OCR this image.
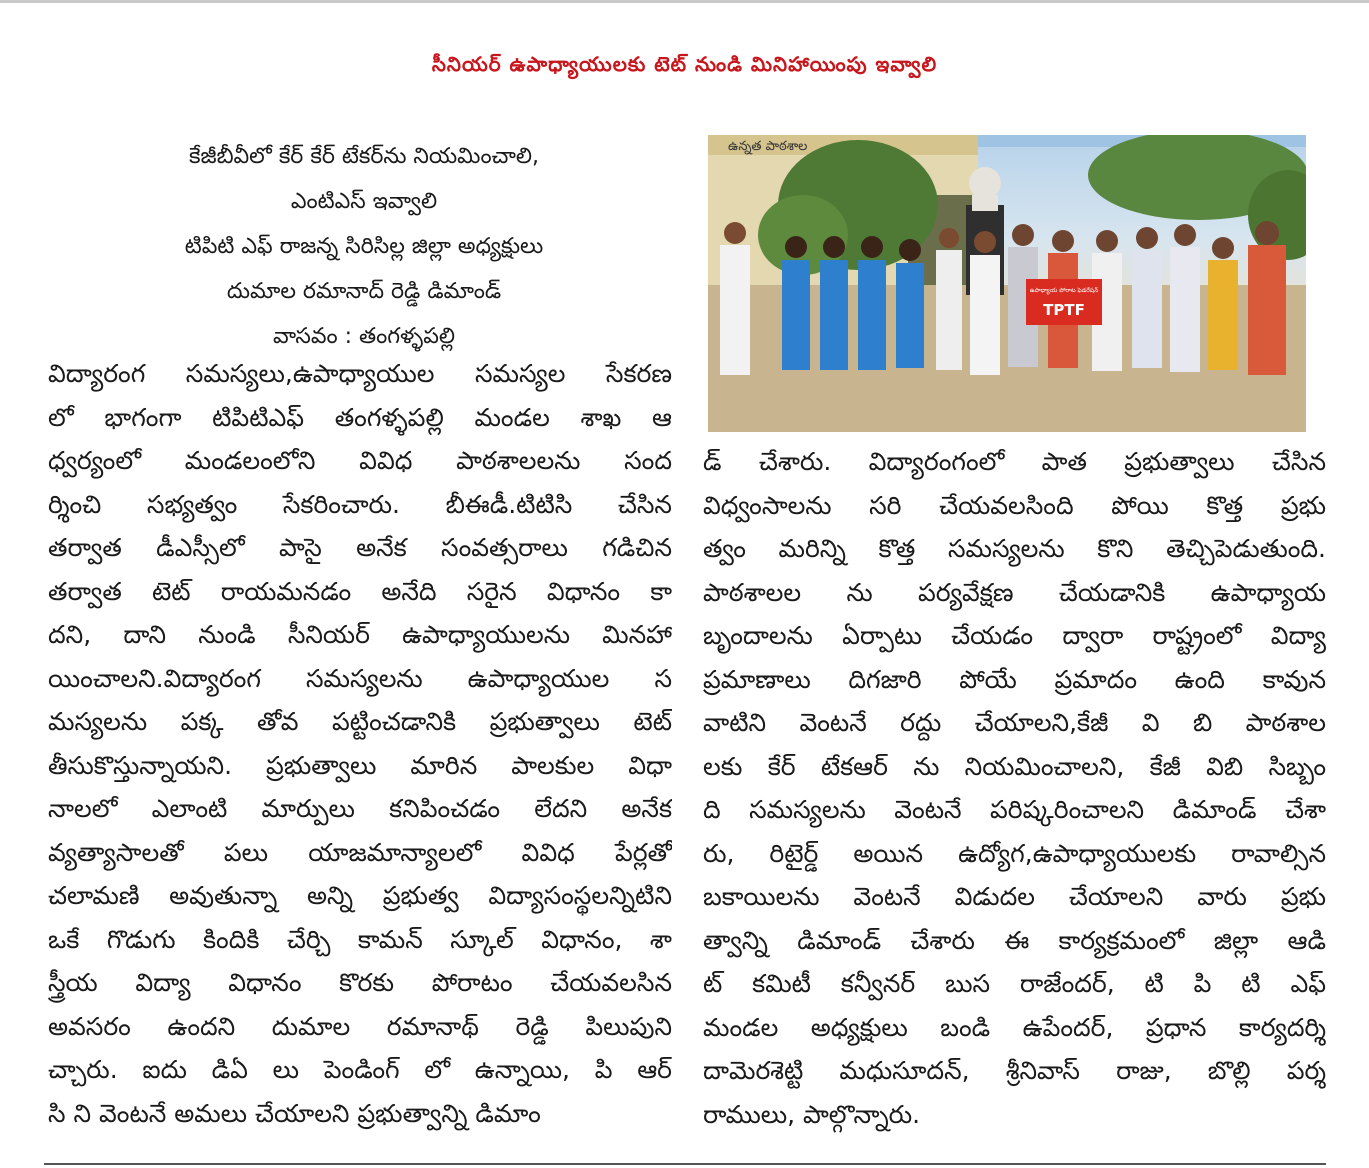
సీనియర్ ఉపాధ్యాయులకు టెట్ నుండి మినిహాయింపు ఇవ్వాలి
కేజీబీవీలో కేర్ కేర్ టేకర్‌ను నియమించాలి,
ఎంటిఎస్ ఇవ్వాలి
టిపిటి ఎఫ్ రాజన్న సిరిసిల్ల జిల్లా అధ్యక్షులు
దుమాల రమానాద్ రెడ్డి డిమాండ్
వాసవం : తంగళ్ళపల్లి
ఉన్నత పాఠశాల
ఉపాధ్యాయ పోరాట ఫెడరేషన్
TPTF
విద్యారంగ సమస్యలు,ఉపాధ్యాయుల సమస్యల సేకరణ
లో భాగంగా టిపిటిఎఫ్ తంగళ్ళపల్లి మండల శాఖ ఆ
ధ్వర్యంలో మండలంలోని వివిధ పాఠశాలలను సంద
ర్శించి సభ్యత్వం సేకరించారు. బీఈడీ.టిటిసి చేసిన
తర్వాత డీఎస్సీలో పాసై అనేక సంవత్సరాలు గడిచిన
తర్వాత టెట్ రాయమనడం అనేది సరైన విధానం కా
దని, దాని నుండి సీనియర్ ఉపాధ్యాయులను మినహా
యించాలని.విద్యారంగ సమస్యలను ఉపాధ్యాయుల స
మస్యలను పక్క తోవ పట్టించడానికి ప్రభుత్వాలు టెట్
తీసుకొస్తున్నాయని. ప్రభుత్వాలు మారిన పాలకుల విధా
నాలలో ఎలాంటి మార్పులు కనిపించడం లేదని అనేక
వ్యత్యాసాలతో పలు యాజమాన్యాలలో వివిధ పేర్లతో
చలామణి అవుతున్నా అన్ని ప్రభుత్వ విద్యాసంస్థలన్నిటిని
ఒకే గొడుగు కిందికి చేర్చి కామన్ స్కూల్ విధానం, శా
స్త్రీయ విద్యా విధానం కొరకు పోరాటం చేయవలసిన
అవసరం ఉందని దుమాల రమానాథ్ రెడ్డి పిలుపుని
చ్చారు. ఐదు డిఏ లు పెండింగ్ లో ఉన్నాయి, పి ఆర్
సి ని వెంటనే అమలు చేయాలని ప్రభుత్వాన్ని డిమాం
డ్ చేశారు. విద్యారంగంలో పాత ప్రభుత్వాలు చేసిన
విధ్వంసాలను సరి చేయవలసింది పోయి కొత్త ప్రభు
త్వం మరిన్ని కొత్త సమస్యలను కొని తెచ్చిపెడుతుంది.
పాఠశాలల ను పర్యవేక్షణ చేయడానికి ఉపాధ్యాయ
బృందాలను ఏర్పాటు చేయడం ద్వారా రాష్ట్రంలో విద్యా
ప్రమాణాలు దిగజారి పోయే ప్రమాదం ఉంది కావున
వాటిని వెంటనే రద్దు చేయాలని,కేజీ వి బి పాఠశాల
లకు కేర్ టేకఆర్ ను నియమించాలని, కేజీ విబి సిబ్బం
ది సమస్యలను వెంటనే పరిష్కరించాలని డిమాండ్ చేశా
రు, రిటైర్డ్ అయిన ఉద్యోగ,ఉపాధ్యాయులకు రావాల్సిన
బకాయిలను వెంటనే విడుదల చేయాలని వారు ప్రభు
త్వాన్ని డిమాండ్ చేశారు ఈ కార్యక్రమంలో జిల్లా ఆడి
ట్ కమిటీ కన్వీనర్ బుస రాజేందర్, టి పి టి ఎఫ్
మండల అధ్యక్షులు బండి ఉపేందర్, ప్రధాన కార్యదర్శి
దామెరశెట్టి మధుసూదన్, శ్రీనివాస్ రాజు, బొల్లి పర్శ
రాములు, పాల్గొన్నారు.
